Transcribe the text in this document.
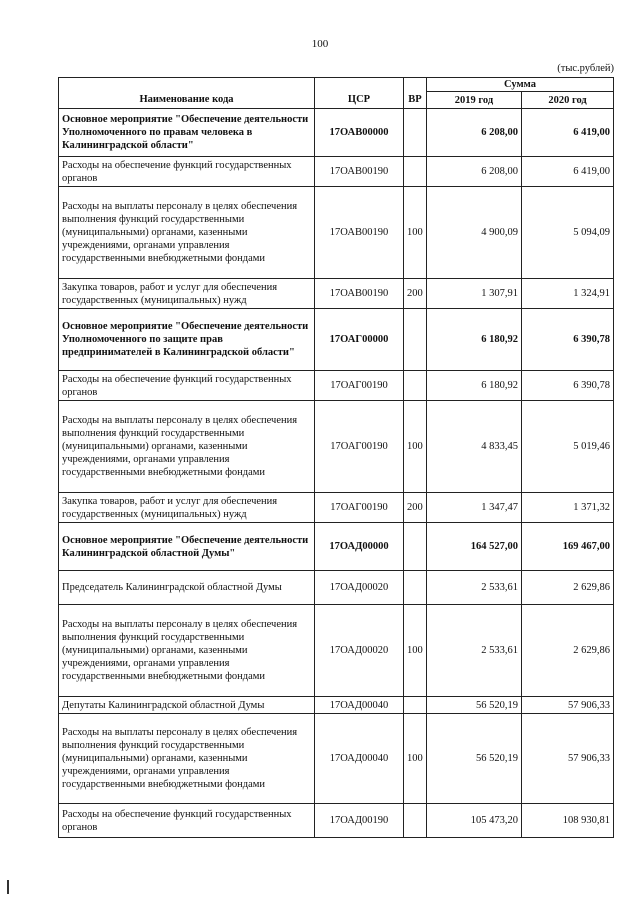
100
(тыс.рублей)
Наименование кода	ЦСР	ВР	Сумма	
			2019 год	2020 год
Основное мероприятие "Обеспечение деятельности Уполномоченного по правам человека в Калининградской области"	17ОАВ00000		6 208,00	6 419,00
Расходы на обеспечение функций государственных органов	17ОАВ00190		6 208,00	6 419,00
Расходы на выплаты персоналу в целях обеспечения выполнения функций государственными (муниципальными) органами, казенными учреждениями, органами управления государственными внебюджетными фондами	17ОАВ00190	100	4 900,09	5 094,09
Закупка товаров, работ и услуг для обеспечения государственных (муниципальных) нужд	17ОАВ00190	200	1 307,91	1 324,91
Основное мероприятие "Обеспечение деятельности Уполномоченного по защите прав предпринимателей в Калининградской области"	17ОАГ00000		6 180,92	6 390,78
Расходы на обеспечение функций государственных органов	17ОАГ00190		6 180,92	6 390,78
Расходы на выплаты персоналу в целях обеспечения выполнения функций государственными (муниципальными) органами, казенными учреждениями, органами управления государственными внебюджетными фондами	17ОАГ00190	100	4 833,45	5 019,46
Закупка товаров, работ и услуг для обеспечения государственных (муниципальных) нужд	17ОАГ00190	200	1 347,47	1 371,32
Основное мероприятие "Обеспечение деятельности Калининградской областной Думы"	17ОАД00000		164 527,00	169 467,00
Председатель Калининградской областной Думы	17ОАД00020		2 533,61	2 629,86
Расходы на выплаты персоналу в целях обеспечения выполнения функций государственными (муниципальными) органами, казенными учреждениями, органами управления государственными внебюджетными фондами	17ОАД00020	100	2 533,61	2 629,86
Депутаты Калининградской областной Думы	17ОАД00040		56 520,19	57 906,33
Расходы на выплаты персоналу в целях обеспечения выполнения функций государственными (муниципальными) органами, казенными учреждениями, органами управления государственными внебюджетными фондами	17ОАД00040	100	56 520,19	57 906,33
Расходы на обеспечение функций государственных органов	17ОАД00190		105 473,20	108 930,81
